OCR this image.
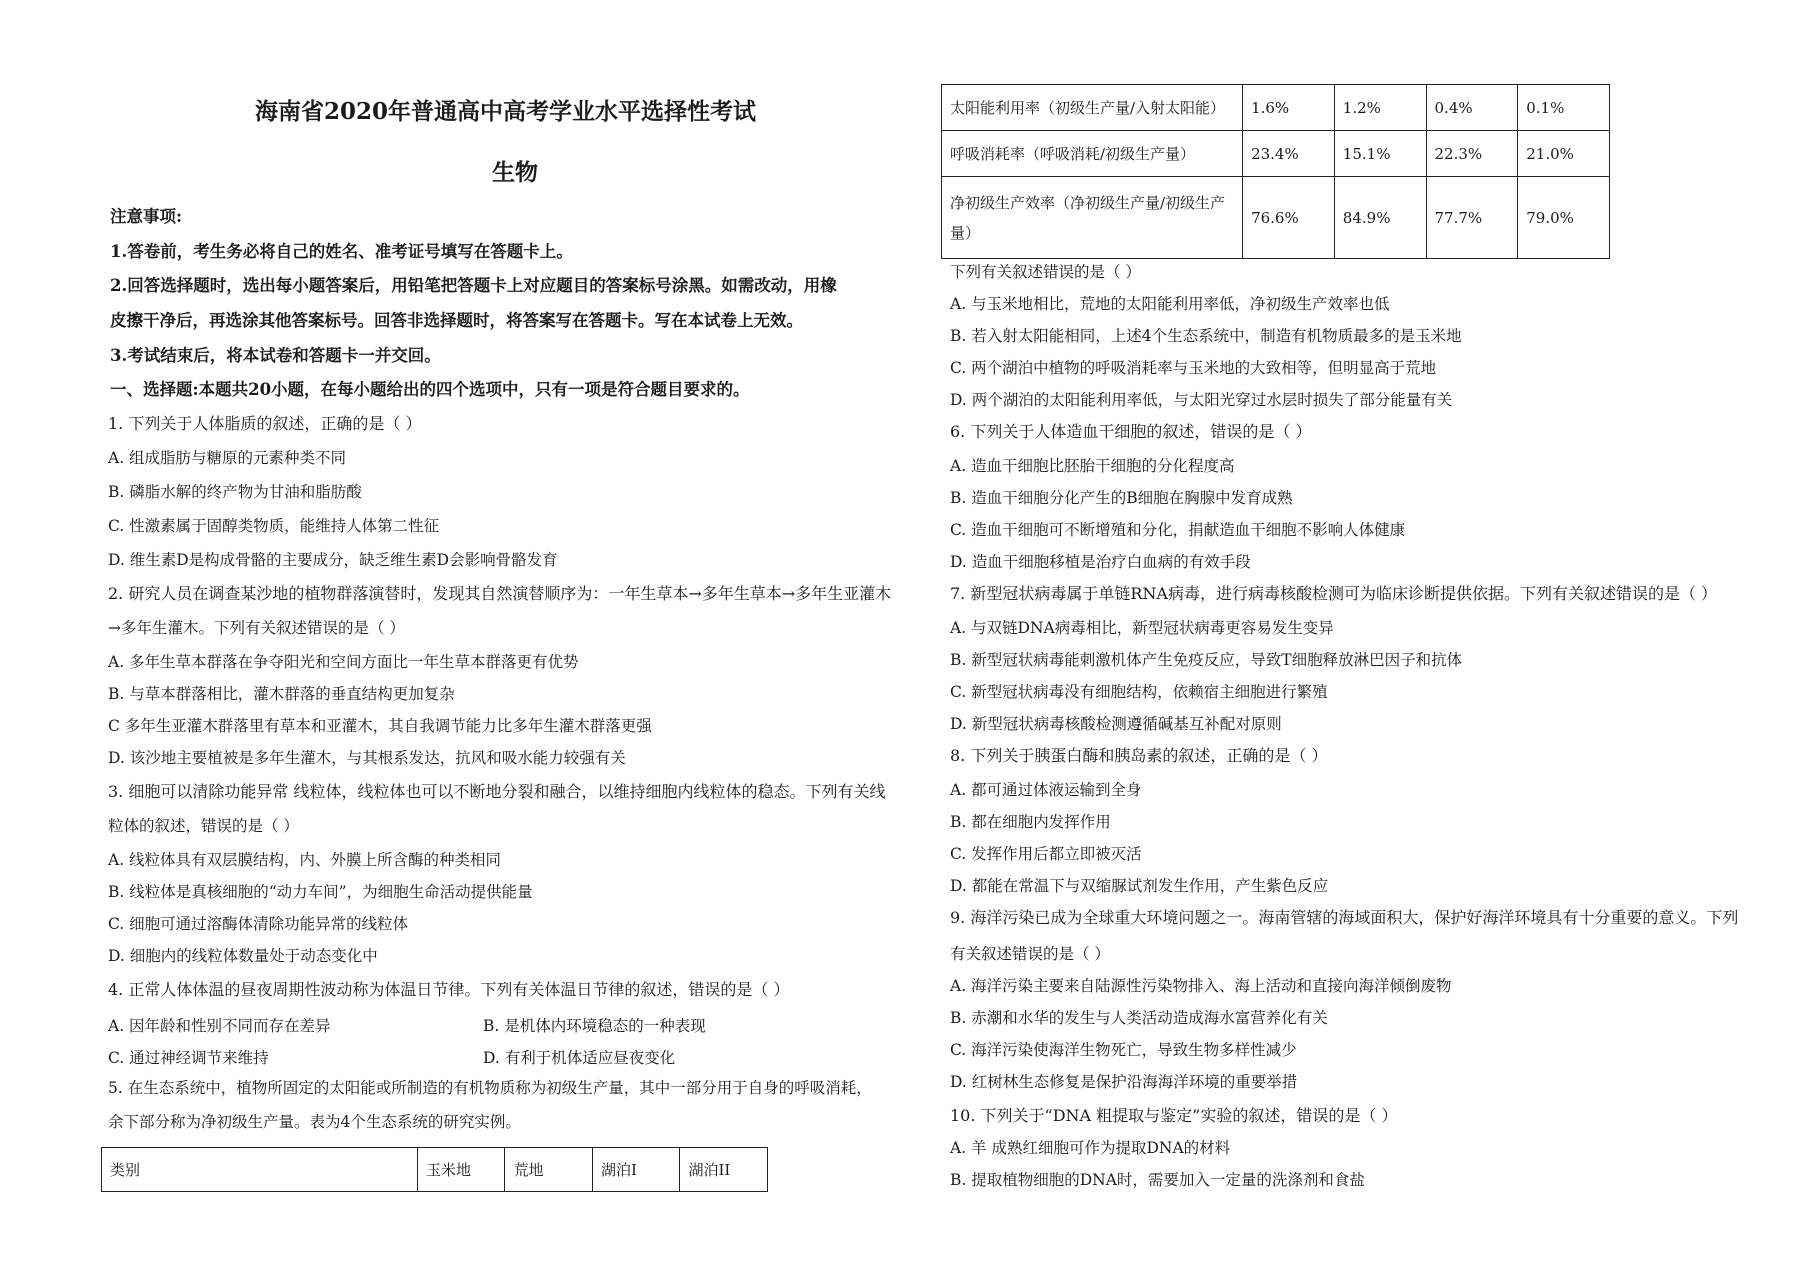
海南省2020年普通高中高考学业水平选择性考试
生物
注意事项:
1.答卷前，考生务必将自己的姓名、准考证号填写在答题卡上。
2.回答选择题时，选出每小题答案后，用铅笔把答题卡上对应题目的答案标号涂黑。如需改动，用橡
皮擦干净后，再选涂其他答案标号。回答非选择题时，将答案写在答题卡。写在本试卷上无效。
3.考试结束后，将本试卷和答题卡一并交回。
一、选择题:本题共20小题，在每小题给出的四个选项中，只有一项是符合题目要求的。
1. 下列关于人体脂质的叙述，正确的是（ ）
A. 组成脂肪与糖原的元素种类不同
B. 磷脂水解的终产物为甘油和脂肪酸
C. 性激素属于固醇类物质，能维持人体第二性征
D. 维生素D是构成骨骼的主要成分，缺乏维生素D会影响骨骼发育
2. 研究人员在调查某沙地的植物群落演替时，发现其自然演替顺序为：一年生草本→多年生草本→多年生亚灌木
→多年生灌木。下列有关叙述错误的是（ ）
A. 多年生草本群落在争夺阳光和空间方面比一年生草本群落更有优势
B. 与草本群落相比，灌木群落的垂直结构更加复杂
C 多年生亚灌木群落里有草本和亚灌木，其自我调节能力比多年生灌木群落更强
D. 该沙地主要植被是多年生灌木，与其根系发达，抗风和吸水能力较强有关
3. 细胞可以清除功能异常 线粒体，线粒体也可以不断地分裂和融合，以维持细胞内线粒体的稳态。下列有关线
粒体的叙述，错误的是（ ）
A. 线粒体具有双层膜结构，内、外膜上所含酶的种类相同
B. 线粒体是真核细胞的“动力车间”，为细胞生命活动提供能量
C. 细胞可通过溶酶体清除功能异常的线粒体
D. 细胞内的线粒体数量处于动态变化中
4. 正常人体体温的昼夜周期性波动称为体温日节律。下列有关体温日节律的叙述，错误的是（ ）
A. 因年龄和性别不同而存在差异	B. 是机体内环境稳态的一种表现
C. 通过神经调节来维持	D. 有利于机体适应昼夜变化
5. 在生态系统中，植物所固定的太阳能或所制造的有机物质称为初级生产量，其中一部分用于自身的呼吸消耗，
余下部分称为净初级生产量。表为4个生态系统的研究实例。
类别	玉米地	荒地	湖泊I	湖泊II
太阳能利用率（初级生产量/入射太阳能）	1.6%	1.2%	0.4%	0.1%
呼吸消耗率（呼吸消耗/初级生产量）	23.4%	15.1%	22.3%	21.0%
净初级生产效率（净初级生产量/初级生产量）	76.6%	84.9%	77.7%	79.0%
下列有关叙述错误的是（ ）
A. 与玉米地相比，荒地的太阳能利用率低，净初级生产效率也低
B. 若入射太阳能相同，上述4个生态系统中，制造有机物质最多的是玉米地
C. 两个湖泊中植物的呼吸消耗率与玉米地的大致相等，但明显高于荒地
D. 两个湖泊的太阳能利用率低，与太阳光穿过水层时损失了部分能量有关
6. 下列关于人体造血干细胞的叙述，错误的是（ ）
A. 造血干细胞比胚胎干细胞的分化程度高
B. 造血干细胞分化产生的B细胞在胸腺中发育成熟
C. 造血干细胞可不断增殖和分化，捐献造血干细胞不影响人体健康
D. 造血干细胞移植是治疗白血病的有效手段
7. 新型冠状病毒属于单链RNA病毒，进行病毒核酸检测可为临床诊断提供依据。下列有关叙述错误的是（ ）
A. 与双链DNA病毒相比，新型冠状病毒更容易发生变异
B. 新型冠状病毒能刺激机体产生免疫反应，导致T细胞释放淋巴因子和抗体
C. 新型冠状病毒没有细胞结构，依赖宿主细胞进行繁殖
D. 新型冠状病毒核酸检测遵循碱基互补配对原则
8. 下列关于胰蛋白酶和胰岛素的叙述，正确的是（ ）
A. 都可通过体液运输到全身
B. 都在细胞内发挥作用
C. 发挥作用后都立即被灭活
D. 都能在常温下与双缩脲试剂发生作用，产生紫色反应
9. 海洋污染已成为全球重大环境问题之一。海南管辖的海域面积大，保护好海洋环境具有十分重要的意义。下列
有关叙述错误的是（ ）
A. 海洋污染主要来自陆源性污染物排入、海上活动和直接向海洋倾倒废物
B. 赤潮和水华的发生与人类活动造成海水富营养化有关
C. 海洋污染使海洋生物死亡，导致生物多样性减少
D. 红树林生态修复是保护沿海海洋环境的重要举措
10. 下列关于“DNA 粗提取与鉴定”实验的叙述，错误的是（ ）
A. 羊 成熟红细胞可作为提取DNA的材料
B. 提取植物细胞的DNA时，需要加入一定量的洗涤剂和食盐
